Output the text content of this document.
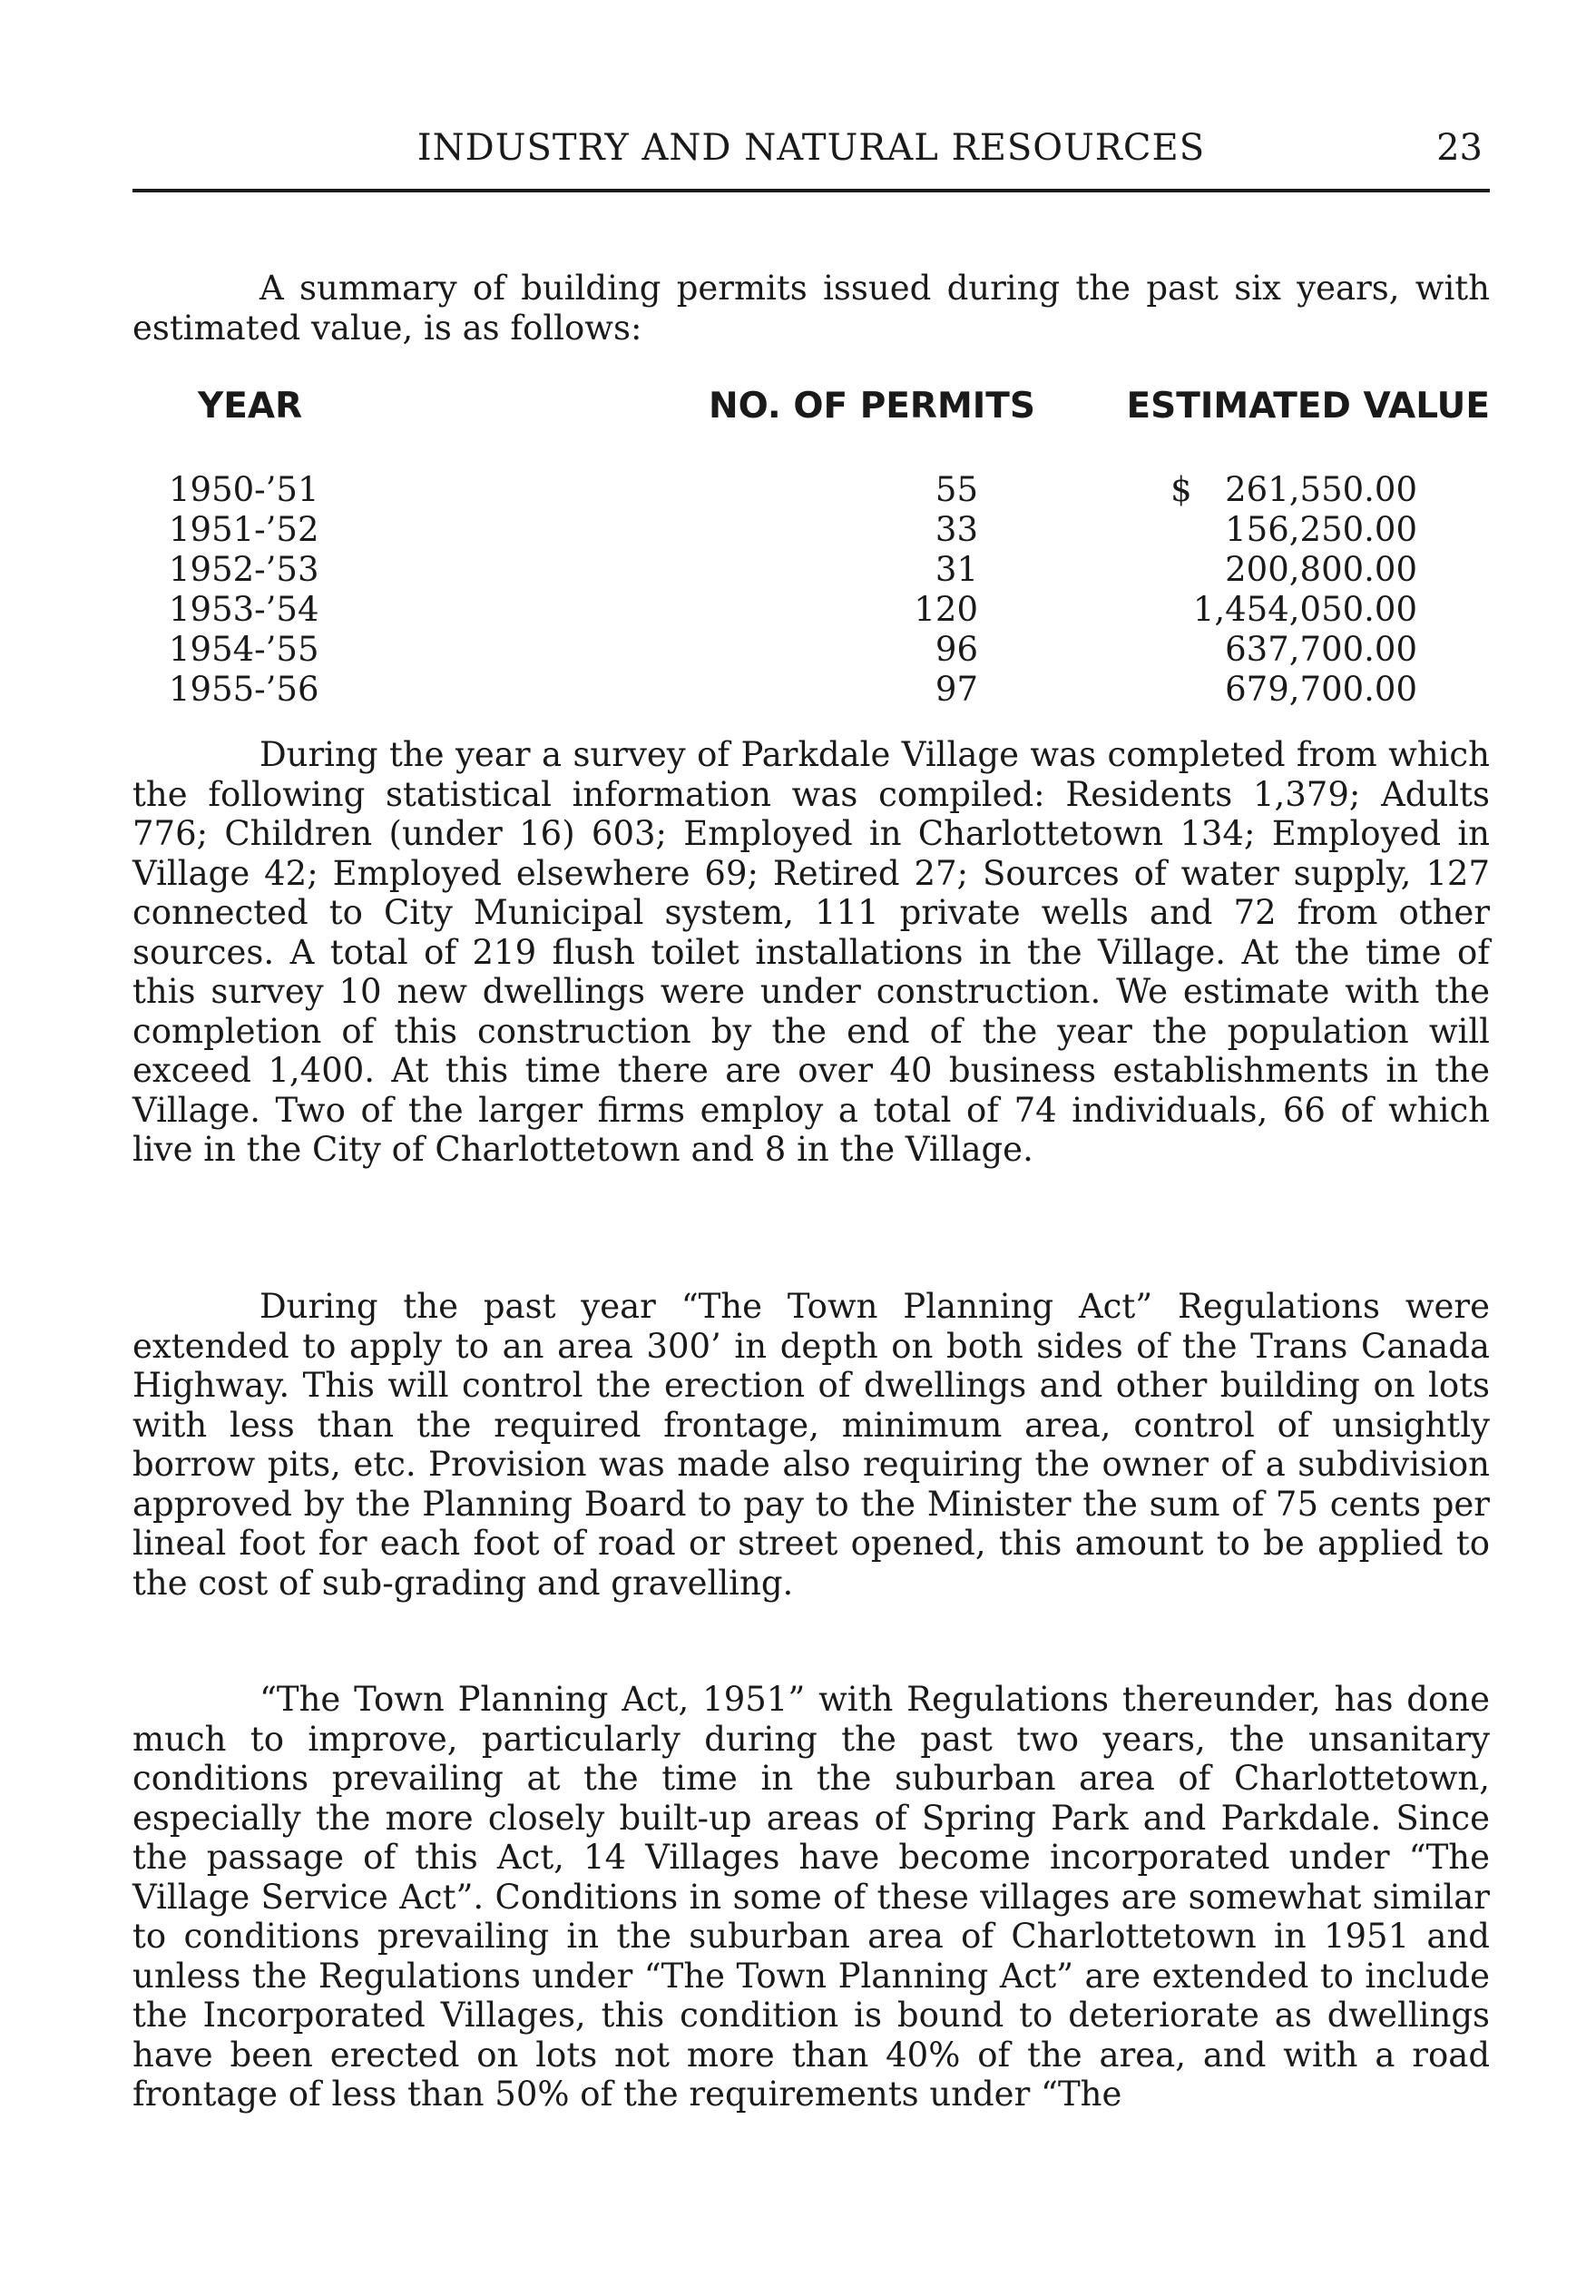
INDUSTRY AND NATURAL RESOURCES	23

A summary of building permits issued during the past six years, with estimated value, is as follows:

YEAR	NO. OF PERMITS	ESTIMATED VALUE
1950-’51	55	$ 261,550.00
1951-’52	33	156,250.00
1952-’53	31	200,800.00
1953-’54	120	1,454,050.00
1954-’55	96	637,700.00
1955-’56	97	679,700.00

During the year a survey of Parkdale Village was completed from which the following statistical information was compiled: Residents 1,379; Adults 776; Children (under 16) 603; Employed in Charlottetown 134; Employed in Village 42; Employed elsewhere 69; Retired 27; Sources of water supply, 127 connected to City Municipal system, 111 private wells and 72 from other sources. A total of 219 flush toilet installations in the Village. At the time of this survey 10 new dwellings were under construction. We estimate with the completion of this construction by the end of the year the population will exceed 1,400. At this time there are over 40 business establishments in the Village. Two of the larger firms employ a total of 74 individuals, 66 of which live in the City of Charlottetown and 8 in the Village.

During the past year “The Town Planning Act” Regulations were extended to apply to an area 300’ in depth on both sides of the Trans Canada Highway. This will control the erection of dwellings and other building on lots with less than the required frontage, minimum area, control of unsightly borrow pits, etc. Provision was made also requiring the owner of a subdivision approved by the Planning Board to pay to the Minister the sum of 75 cents per lineal foot for each foot of road or street opened, this amount to be applied to the cost of sub-grading and gravelling.

“The Town Planning Act, 1951” with Regulations thereunder, has done much to improve, particularly during the past two years, the unsanitary conditions prevailing at the time in the suburban area of Charlottetown, especially the more closely built-up areas of Spring Park and Parkdale. Since the passage of this Act, 14 Villages have become incorporated under “The Village Service Act”. Conditions in some of these villages are somewhat similar to conditions prevailing in the suburban area of Charlottetown in 1951 and unless the Regulations under “The Town Planning Act” are extended to include the Incorporated Villages, this condition is bound to deteriorate as dwellings have been erected on lots not more than 40% of the area, and with a road frontage of less than 50% of the requirements under “The
